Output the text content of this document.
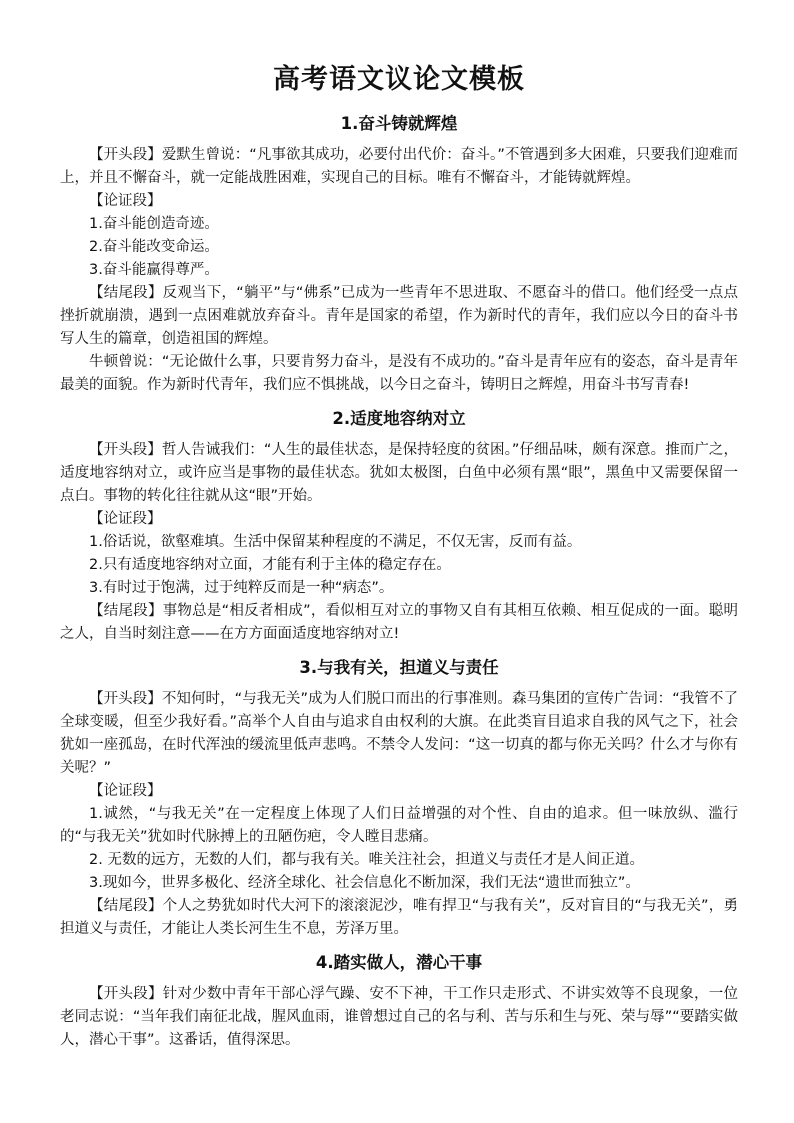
高考语文议论文模板
1.奋斗铸就辉煌

【开头段】爱默生曾说：“凡事欲其成功，必要付出代价：奋斗。”不管遇到多大困难，只要我们迎难而上，并且不懈奋斗，就一定能战胜困难，实现自己的目标。唯有不懈奋斗，才能铸就辉煌。

【论证段】

1.奋斗能创造奇迹。

2.奋斗能改变命运。

3.奋斗能赢得尊严。

【结尾段】反观当下，“躺平”与“佛系”已成为一些青年不思进取、不愿奋斗的借口。他们经受一点点挫折就崩溃，遇到一点困难就放弃奋斗。青年是国家的希望，作为新时代的青年，我们应以今日的奋斗书写人生的篇章，创造祖国的辉煌。

牛顿曾说：“无论做什么事，只要肯努力奋斗，是没有不成功的。”奋斗是青年应有的姿态，奋斗是青年最美的面貌。作为新时代青年，我们应不惧挑战，以今日之奋斗，铸明日之辉煌，用奋斗书写青春!

2.适度地容纳对立

【开头段】哲人告诫我们：“人生的最佳状态，是保持轻度的贫困。”仔细品味，颇有深意。推而广之，适度地容纳对立，或许应当是事物的最佳状态。犹如太极图，白鱼中必须有黑“眼”，黑鱼中又需要保留一点白。事物的转化往往就从这“眼”开始。

【论证段】

1.俗话说，欲壑难填。生活中保留某种程度的不满足，不仅无害，反而有益。

2.只有适度地容纳对立面，才能有利于主体的稳定存在。

3.有时过于饱满，过于纯粹反而是一种“病态”。

【结尾段】事物总是“相反者相成”，看似相互对立的事物又自有其相互依赖、相互促成的一面。聪明之人，自当时刻注意——在方方面面适度地容纳对立!

3.与我有关，担道义与责任

【开头段】不知何时，“与我无关”成为人们脱口而出的行事准则。森马集团的宣传广告词：“我管不了全球变暖，但至少我好看。”高举个人自由与追求自由权利的大旗。在此类盲目追求自我的风气之下，社会犹如一座孤岛，在时代浑浊的缓流里低声悲鸣。不禁令人发问：“这一切真的都与你无关吗？什么才与你有关呢？”

【论证段】

1.诚然，“与我无关”在一定程度上体现了人们日益增强的对个性、自由的追求。但一味放纵、滥行的“与我无关”犹如时代脉搏上的丑陋伤疤，令人瞠目悲痛。

2. 无数的远方，无数的人们，都与我有关。唯关注社会，担道义与责任才是人间正道。

3.现如今，世界多极化、经济全球化、社会信息化不断加深，我们无法“遗世而独立”。

【结尾段】个人之势犹如时代大河下的滚滚泥沙，唯有捍卫“与我有关”，反对盲目的“与我无关”，勇担道义与责任，才能让人类长河生生不息，芳泽万里。

4.踏实做人，潜心干事

【开头段】针对少数中青年干部心浮气躁、安不下神，干工作只走形式、不讲实效等不良现象，一位老同志说：“当年我们南征北战，腥风血雨，谁曾想过自己的名与利、苦与乐和生与死、荣与辱”“要踏实做人，潜心干事”。这番话，值得深思。
